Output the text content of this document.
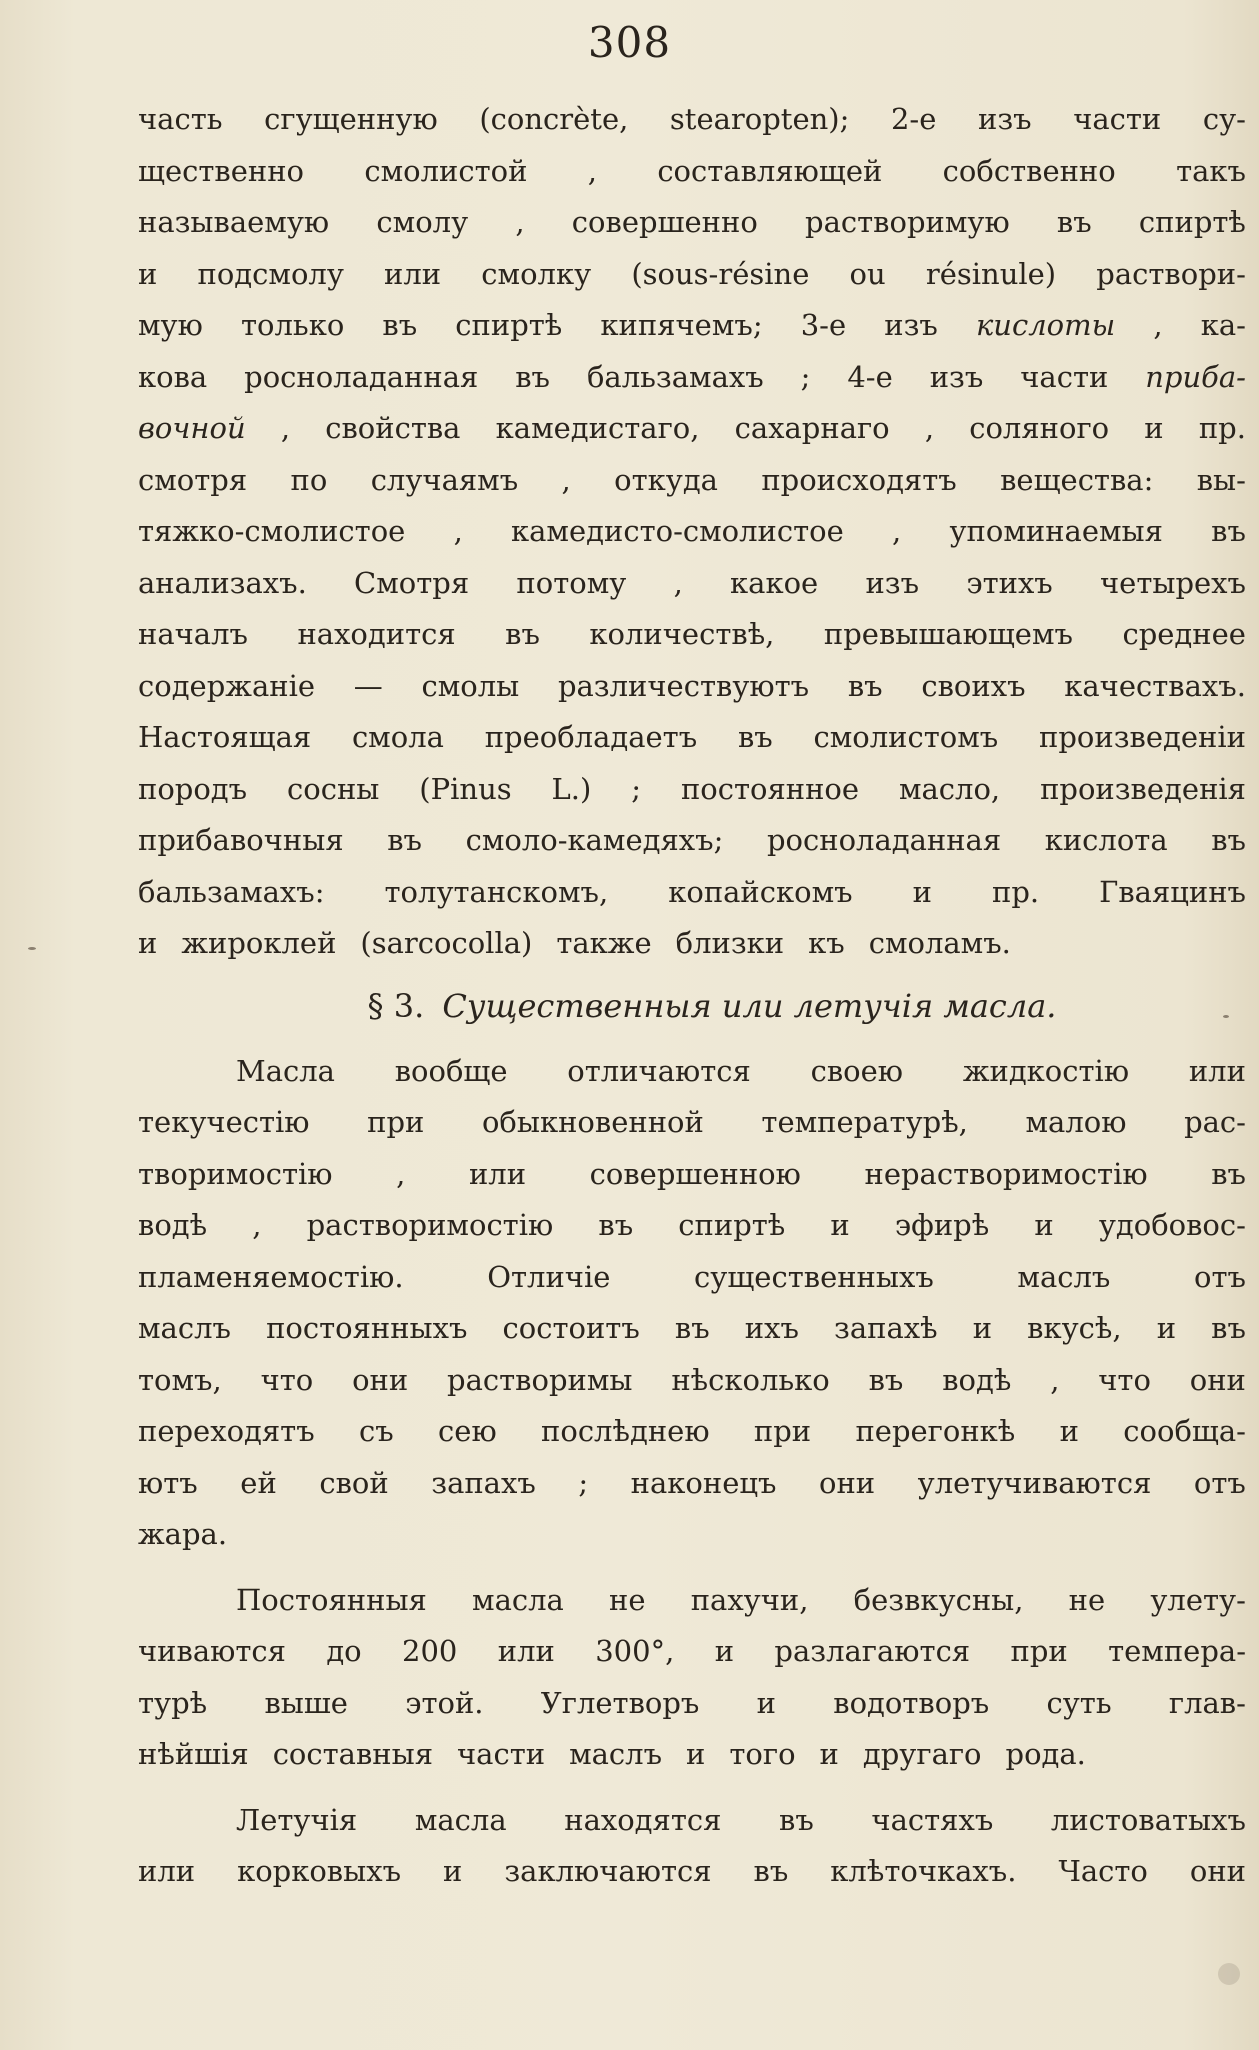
308
часть сгущенную (concrète, stearopten); 2-е изъ части су-
щественно смолистой , составляющей собственно такъ
называемую смолу , совершенно растворимую въ спиртѣ
и подсмолу или смолку (sous-résine ou résinule) раствори-
мую только въ спиртѣ кипячемъ; 3-е изъ кислоты , ка-
кова росноладанная въ бальзамахъ ; 4-е изъ части приба-
вочной , свойства камедистаго, сахарнаго , соляного и пр.
смотря по случаямъ , откуда происходятъ вещества: вы-
тяжко-смолистое , камедисто-смолистое , упоминаемыя въ
анализахъ. Смотря потому , какое изъ этихъ четырехъ
началъ находится въ количествѣ, превышающемъ среднее
содержаніе — смолы различествуютъ въ своихъ качествахъ.
Настоящая смола преобладаетъ въ смолистомъ произведеніи
породъ сосны (Pinus L.) ; постоянное масло, произведенія
прибавочныя въ смоло-камедяхъ; росноладанная кислота въ
бальзамахъ: толутанскомъ, копайскомъ и пр. Гваяцинъ
и жироклей (sarcocolla) также близки къ смоламъ.
§ 3. Существенныя или летучія масла.
Масла вообще отличаются своею жидкостію или
текучестію при обыкновенной температурѣ, малою рас-
творимостію , или совершенною нерастворимостію въ
водѣ , растворимостію въ спиртѣ и эфирѣ и удобовос-
пламеняемостію.	Отличіе	существенныхъ	маслъ	отъ
маслъ постоянныхъ состоитъ въ ихъ запахѣ и вкусѣ, и въ
томъ, что они растворимы нѣсколько въ водѣ , что они
переходятъ съ сею послѣднею при перегонкѣ и сообща-
ютъ ей свой запахъ ; наконецъ они улетучиваются отъ
жара.
Постоянныя масла не пахучи, безвкусны, не улету-
чиваются до 200 или 300°, и разлагаются при темпера-
турѣ выше этой. Углетворъ и водотворъ суть глав-
нѣйшія составныя части маслъ и того и другаго рода.
Летучія масла находятся въ частяхъ листоватыхъ
или корковыхъ и заключаются въ клѣточкахъ. Часто они
